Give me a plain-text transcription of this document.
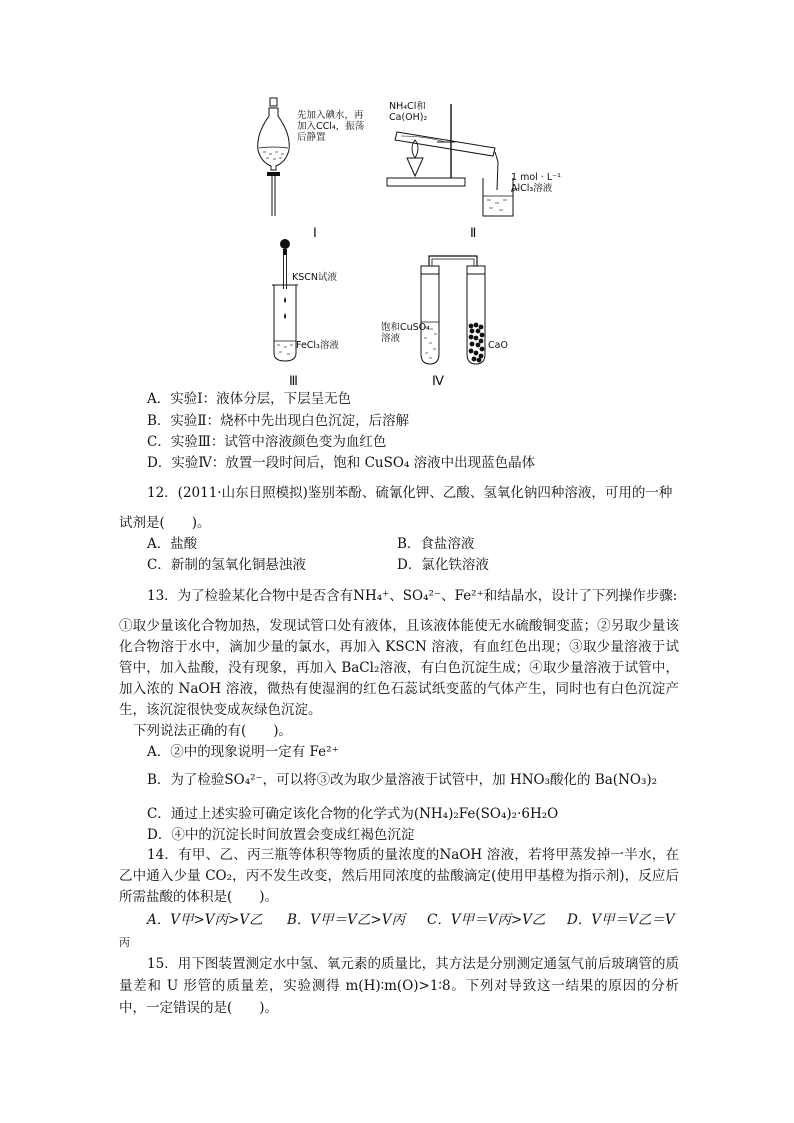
先加入碘水，再
加入CCl₄，振荡
后静置
Ⅰ
NH₄Cl和
Ca(OH)₂
1 mol · L⁻¹
AlCl₃溶液
Ⅱ
KSCN试液
FeCl₃溶液
Ⅲ
饱和CuSO₄
溶液
CaO
Ⅳ
A．实验Ⅰ：液体分层，下层呈无色
B．实验Ⅱ：烧杯中先出现白色沉淀，后溶解
C．实验Ⅲ：试管中溶液颜色变为血红色
D．实验Ⅳ：放置一段时间后，饱和 CuSO₄ 溶液中出现蓝色晶体
12．(2011·山东日照模拟)鉴别苯酚、硫氰化钾、乙酸、氢氧化钠四种溶液，可用的一种
试剂是(　　)。
A．盐酸	B．食盐溶液
C．新制的氢氧化铜悬浊液	D．氯化铁溶液
13．为了检验某化合物中是否含有NH₄⁺、SO₄²⁻、Fe²⁺和结晶水，设计了下列操作步骤:
①取少量该化合物加热，发现试管口处有液体，且该液体能使无水硫酸铜变蓝；②另取少量该化合物溶于水中，滴加少量的氯水，再加入 KSCN 溶液，有血红色出现；③取少量溶液于试管中，加入盐酸，没有现象，再加入 BaCl₂溶液，有白色沉淀生成；④取少量溶液于试管中，加入浓的 NaOH 溶液，微热有使湿润的红色石蕊试纸变蓝的气体产生，同时也有白色沉淀产生，该沉淀很快变成灰绿色沉淀。
下列说法正确的有(　　)。
A．②中的现象说明一定有 Fe²⁺
B．为了检验SO₄²⁻，可以将③改为取少量溶液于试管中，加 HNO₃酸化的 Ba(NO₃)₂
C．通过上述实验可确定该化合物的化学式为(NH₄)₂Fe(SO₄)₂·6H₂O
D．④中的沉淀长时间放置会变成红褐色沉淀
14．有甲、乙、丙三瓶等体积等物质的量浓度的NaOH 溶液，若将甲蒸发掉一半水，在乙中通入少量 CO₂，丙不发生改变，然后用同浓度的盐酸滴定(使用甲基橙为指示剂)，反应后所需盐酸的体积是(　　)。
A．V甲>V丙>V乙 B．V甲＝V乙>V丙 C．V甲＝V丙>V乙 D．V甲＝V乙＝V
丙
15．用下图装置测定水中氢、氧元素的质量比，其方法是分别测定通氢气前后玻璃管的质量差和 U 形管的质量差，实验测得 m(H)∶m(O)>1∶8。下列对导致这一结果的原因的分析中，一定错误的是(　　)。
